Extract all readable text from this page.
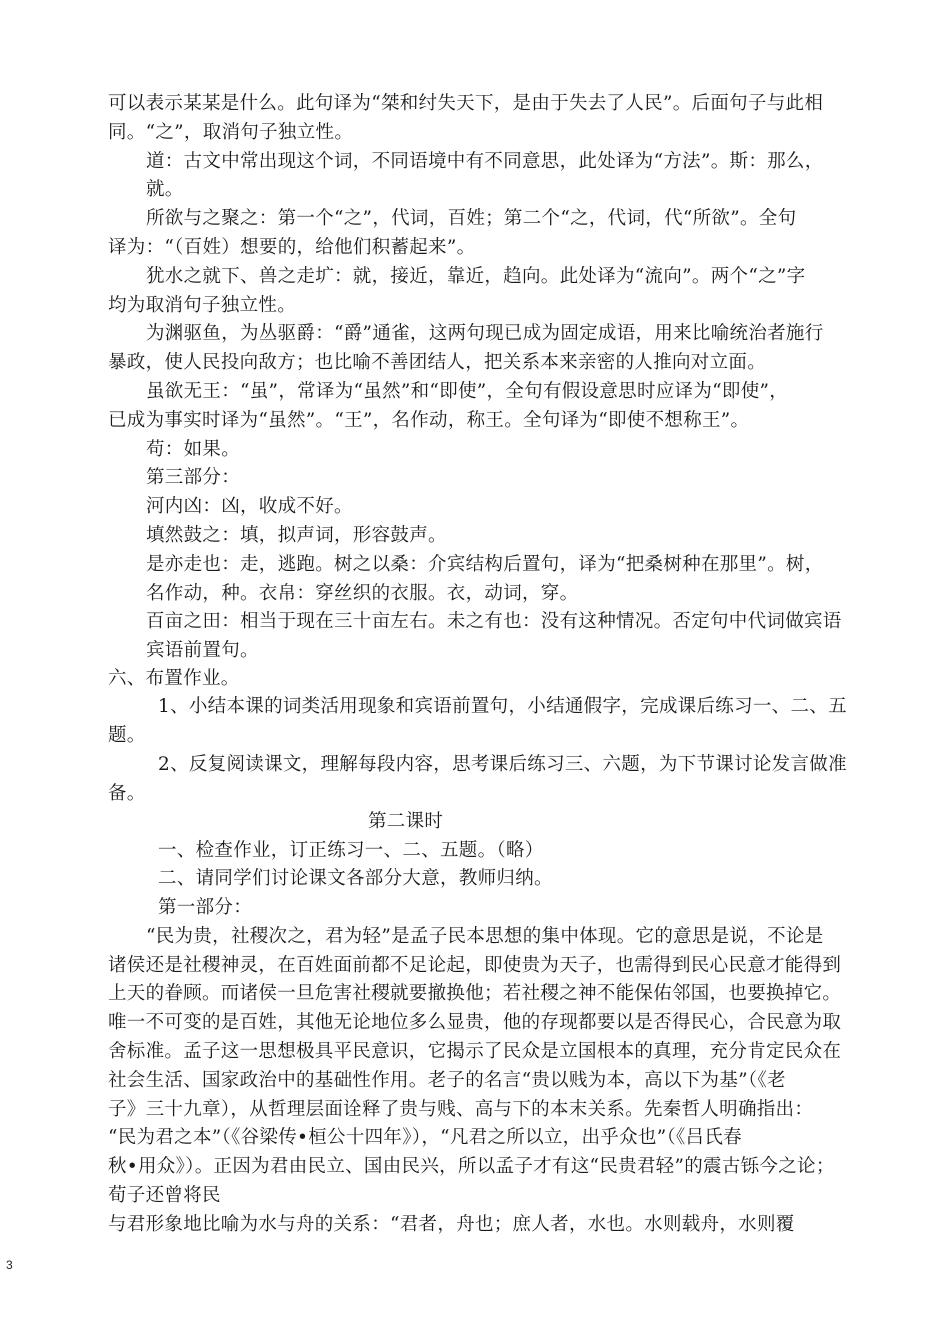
可以表示某某是什么。此句译为“桀和纣失天下，是由于失去了人民”。后面句子与此相
同。“之”，取消句子独立性。
道：古文中常出现这个词，不同语境中有不同意思，此处译为“方法”。斯：那么，
就。
所欲与之聚之：第一个“之”，代词，百姓；第二个“之，代词，代“所欲”。全句
译为：“（百姓）想要的，给他们积蓄起来”。
犹水之就下、兽之走圹：就，接近，靠近，趋向。此处译为“流向”。两个“之”字
均为取消句子独立性。
为渊驱鱼，为丛驱爵：“爵”通雀，这两句现已成为固定成语，用来比喻统治者施行
暴政，使人民投向敌方；也比喻不善团结人，把关系本来亲密的人推向对立面。
虽欲无王：“虽”，常译为“虽然”和“即使”，全句有假设意思时应译为“即使”，
已成为事实时译为“虽然”。“王”，名作动，称王。全句译为“即使不想称王”。
苟：如果。
第三部分：
河内凶：凶，收成不好。
填然鼓之：填，拟声词，形容鼓声。
是亦走也：走，逃跑。树之以桑：介宾结构后置句，译为“把桑树种在那里”。树，
名作动，种。衣帛：穿丝织的衣服。衣，动词，穿。
百亩之田：相当于现在三十亩左右。未之有也：没有这种情况。否定句中代词做宾语
宾语前置句。
六、布置作业。
1、小结本课的词类活用现象和宾语前置句，小结通假字，完成课后练习一、二、五
题。
2、反复阅读课文，理解每段内容，思考课后练习三、六题，为下节课讨论发言做准
备。
第二课时
一、检查作业，订正练习一、二、五题。（略）
二、请同学们讨论课文各部分大意，教师归纳。
第一部分：
“民为贵，社稷次之，君为轻”是孟子民本思想的集中体现。它的意思是说，不论是
诸侯还是社稷神灵，在百姓面前都不足论起，即使贵为天子，也需得到民心民意才能得到
上天的眷顾。而诸侯一旦危害社稷就要撤换他；若社稷之神不能保佑邻国，也要换掉它。
唯一不可变的是百姓，其他无论地位多么显贵，他的存现都要以是否得民心，合民意为取
舍标准。孟子这一思想极具平民意识，它揭示了民众是立国根本的真理，充分肯定民众在
社会生活、国家政治中的基础性作用。老子的名言“贵以贱为本，高以下为基”（《老
子》三十九章），从哲理层面诠释了贵与贱、高与下的本末关系。先秦哲人明确指出：
“民为君之本”（《谷梁传•桓公十四年》），“凡君之所以立，出乎众也”（《吕氏春
秋•用众》）。正因为君由民立、国由民兴，所以孟子才有这“民贵君轻”的震古铄今之论；
荀子还曾将民
与君形象地比喻为水与舟的关系：“君者，舟也；庶人者，水也。水则载舟，水则覆
3
